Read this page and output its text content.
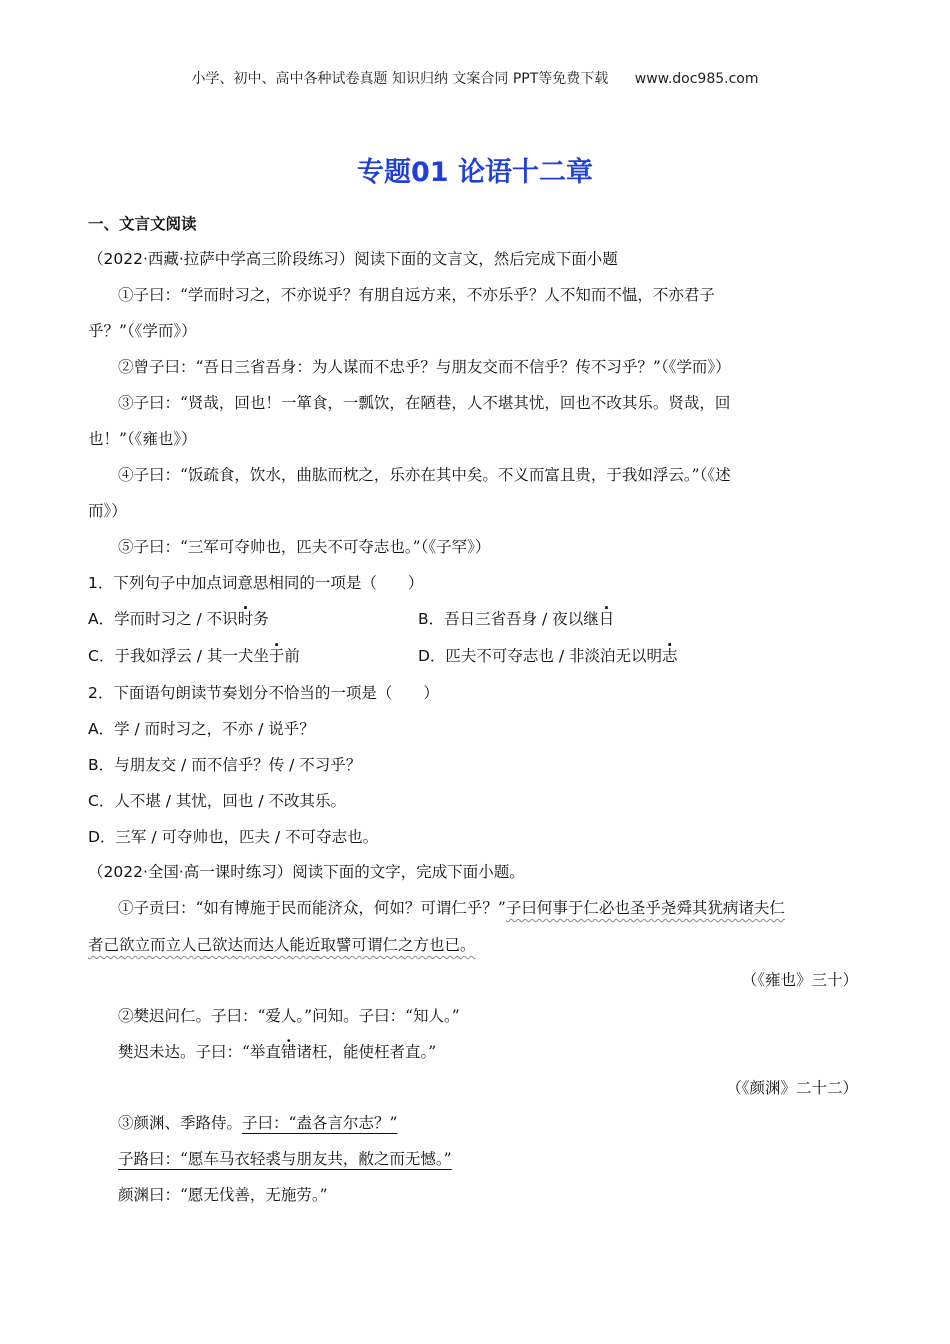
小学、初中、高中各种试卷真题 知识归纳 文案合同 PPT等免费下载 www.doc985.com
专题01 论语十二章
一、文言文阅读
（2022·西藏·拉萨中学高三阶段练习）阅读下面的文言文，然后完成下面小题
①子曰：“学而时习之，不亦说乎？有朋自远方来，不亦乐乎？人不知而不愠，不亦君子
乎？”（《学而》）
②曾子曰：“吾日三省吾身：为人谋而不忠乎？与朋友交而不信乎？传不习乎？”（《学而》）
③子曰：“贤哉，回也！一箪食，一瓢饮，在陋巷，人不堪其忧，回也不改其乐。贤哉，回
也！”（《雍也》）
④子曰：“饭疏食，饮水，曲肱而枕之，乐亦在其中矣。不义而富且贵，于我如浮云。”（《述
而》）
⑤子曰：“三军可夺帅也，匹夫不可夺志也。”（《子罕》）
1．下列句子中加点词意思相同的一项是（　　）
A．学而时习之 / 不识时务	B．吾日三省吾身 / 夜以继日
C．于我如浮云 / 其一犬坐于前	D．匹夫不可夺志也 / 非淡泊无以明志
2．下面语句朗读节奏划分不恰当的一项是（　　）
A．学 / 而时习之，不亦 / 说乎？
B．与朋友交 / 而不信乎？传 / 不习乎？
C．人不堪 / 其忧，回也 / 不改其乐。
D．三军 / 可夺帅也，匹夫 / 不可夺志也。
（2022·全国·高一课时练习）阅读下面的文字，完成下面小题。
①子贡曰：“如有博施于民而能济众，何如？可谓仁乎？”子曰何事于仁必也圣乎尧舜其犹病诸夫仁
者己欲立而立人己欲达而达人能近取譬可谓仁之方也已。
（《雍也》三十）
②樊迟问仁。子曰：“爱人。”问知。子曰：“知人。”
樊迟未达。子曰：“举直错诸枉，能使枉者直。”
（《颜渊》二十二）
③颜渊、季路侍。子曰：“盍各言尔志？”
子路曰：“愿车马衣轻裘与朋友共，敝之而无憾。”
颜渊曰：“愿无伐善，无施劳。”
